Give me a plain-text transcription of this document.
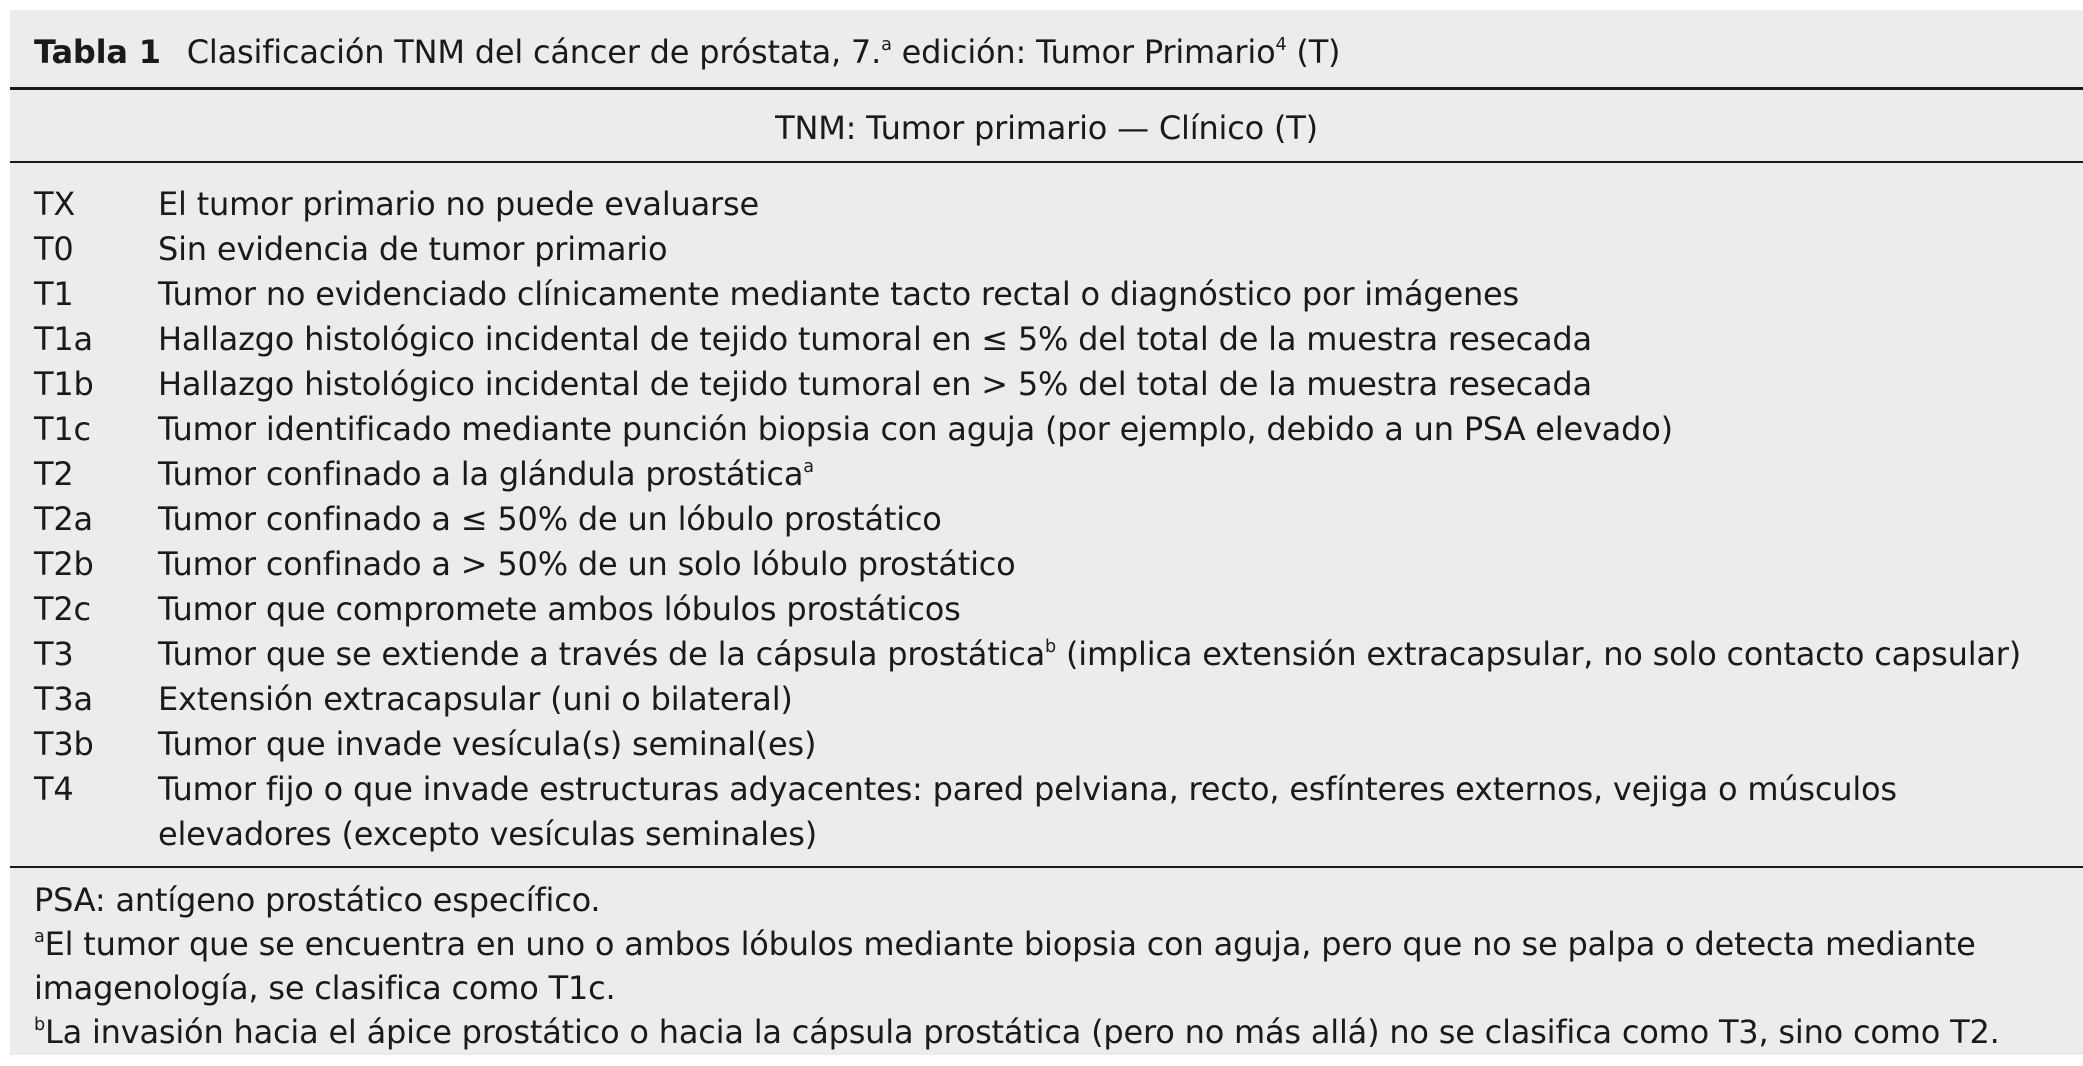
Tabla 1 Clasificación TNM del cáncer de próstata, 7.$^a$ edición: Tumor Primario$^4$ (T)
TNM: Tumor primario — Clínico (T)
TX	El tumor primario no puede evaluarse
T0	Sin evidencia de tumor primario
T1	Tumor no evidenciado clínicamente mediante tacto rectal o diagnóstico por imágenes
T1a	Hallazgo histológico incidental de tejido tumoral en ≤ 5% del total de la muestra resecada
T1b	Hallazgo histológico incidental de tejido tumoral en > 5% del total de la muestra resecada
T1c	Tumor identificado mediante punción biopsia con aguja (por ejemplo, debido a un PSA elevado)
T2	Tumor confinado a la glándula prostática$^a$
T2a	Tumor confinado a ≤ 50% de un lóbulo prostático
T2b	Tumor confinado a > 50% de un solo lóbulo prostático
T2c	Tumor que compromete ambos lóbulos prostáticos
T3	Tumor que se extiende a través de la cápsula prostática$^b$ (implica extensión extracapsular, no solo contacto capsular)
T3a	Extensión extracapsular (uni o bilateral)
T3b	Tumor que invade vesícula(s) seminal(es)
T4	Tumor fijo o que invade estructuras adyacentes: pared pelviana, recto, esfínteres externos, vejiga o músculos elevadores (excepto vesículas seminales)

PSA: antígeno prostático específico.

$^a$El tumor que se encuentra en uno o ambos lóbulos mediante biopsia con aguja, pero que no se palpa o detecta mediante imagenología, se clasifica como T1c.

$^b$La invasión hacia el ápice prostático o hacia la cápsula prostática (pero no más allá) no se clasifica como T3, sino como T2.
